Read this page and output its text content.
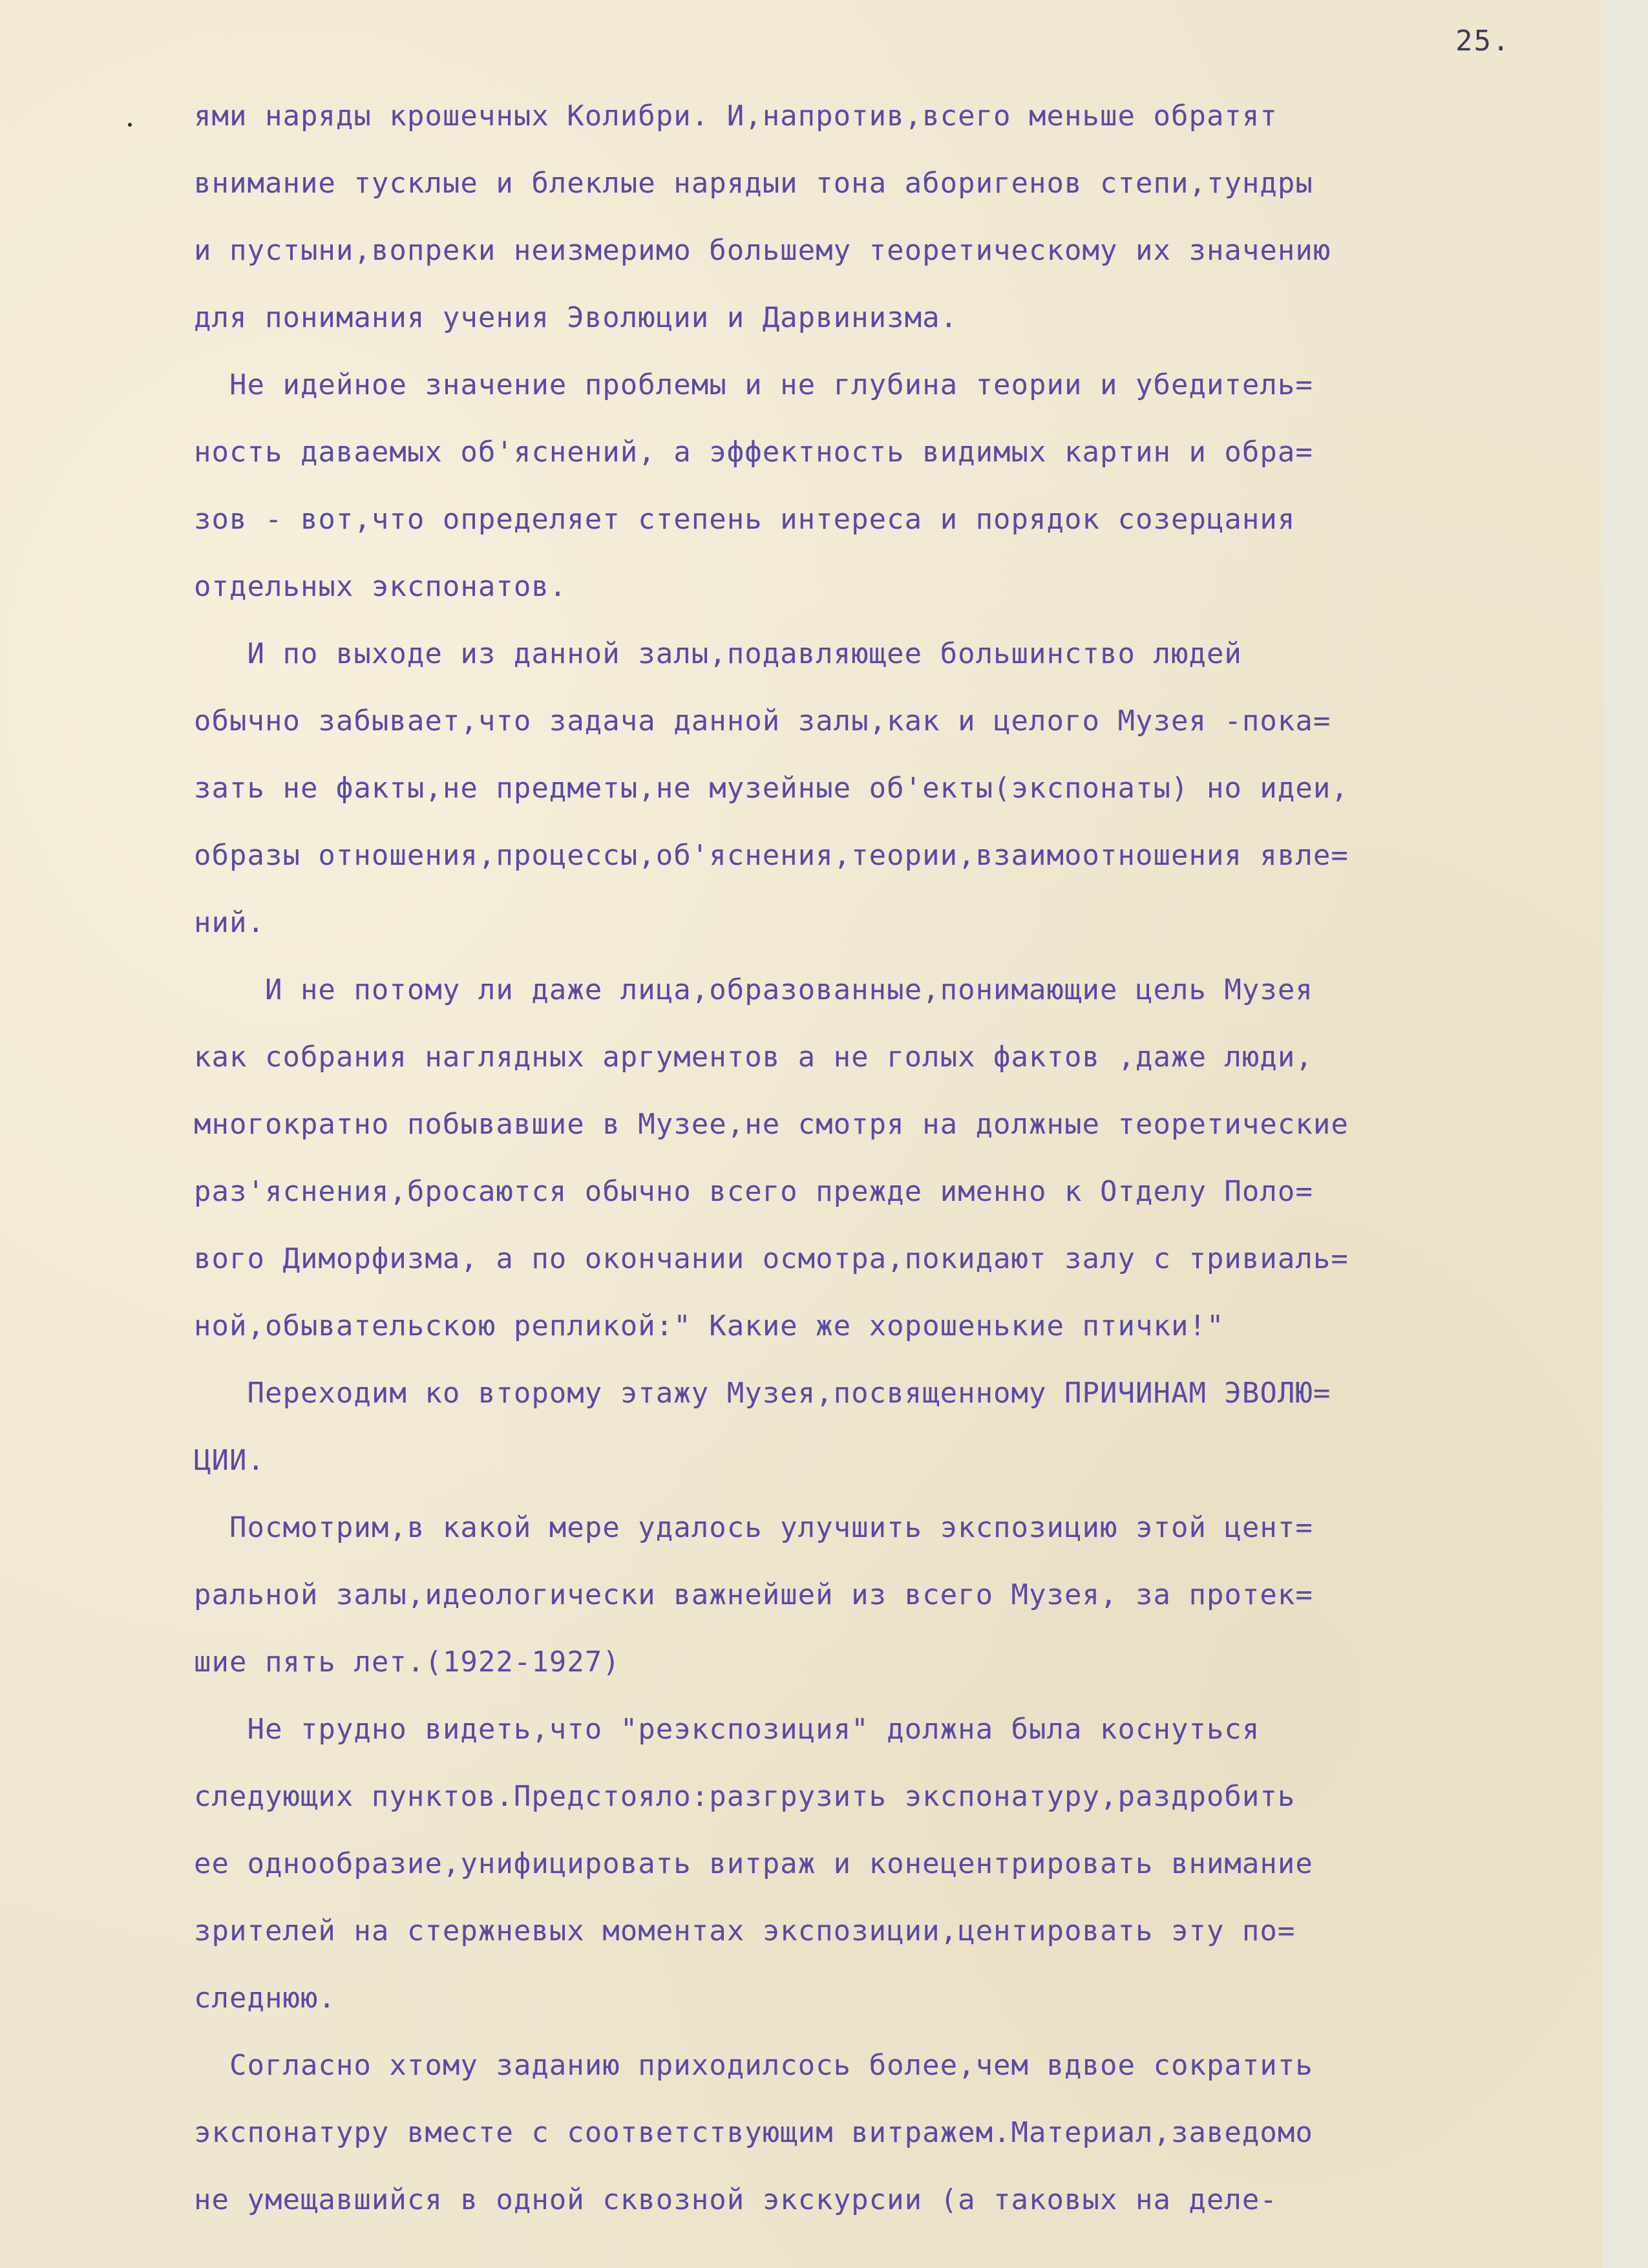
25.
ями наряды крошечных Колибри. И,напротив,всего меньше обратят
внимание тусклые и блеклые нарядыи тона аборигенов степи,тундры
и пустыни,вопреки неизмеримо большему теоретическому их значению
для понимания учения Эволюции и Дарвинизма.
Не идейное значение проблемы и не глубина теории и убедитель=
ность даваемых об'яснений, а эффектность видимых картин и обра=
зов - вот,что определяет степень интереса и порядок созерцания
отдельных экспонатов.
И по выходе из данной залы,подавляющее большинство людей
обычно забывает,что задача данной залы,как и целого Музея -пока=
зать не факты,не предметы,не музейные об'екты(экспонаты) но идеи,
образы отношения,процессы,об'яснения,теории,взаимоотношения явле=
ний.
И не потому ли даже лица,образованные,понимающие цель Музея
как собрания наглядных аргументов а не голых фактов ,даже люди,
многократно побывавшие в Музее,не смотря на должные теоретические
раз'яснения,бросаются обычно всего прежде именно к Отделу Поло=
вого Диморфизма, а по окончании осмотра,покидают залу с тривиаль=
ной,обывательскою репликой:" Какие же хорошенькие птички!"
Переходим ко второму этажу Музея,посвященному ПРИЧИНАМ ЭВОЛЮ=
ЦИИ.
Посмотрим,в какой мере удалось улучшить экспозицию этой цент=
ральной залы,идеологически важнейшей из всего Музея, за протек=
шие пять лет.(1922-1927)
Не трудно видеть,что "реэкспозиция" должна была коснуться
следующих пунктов.Предстояло:разгрузить экспонатуру,раздробить
ее однообразие,унифицировать витраж и конецентрировать внимание
зрителей на стержневых моментах экспозиции,центировать эту по=
следнюю.
Согласно хтому заданию приходилсось более,чем вдвое сократить
экспонатуру вместе с соответствующим витражем.Материал,заведомо
не умещавшийся в одной сквозной экскурсии (а таковых на деле-
